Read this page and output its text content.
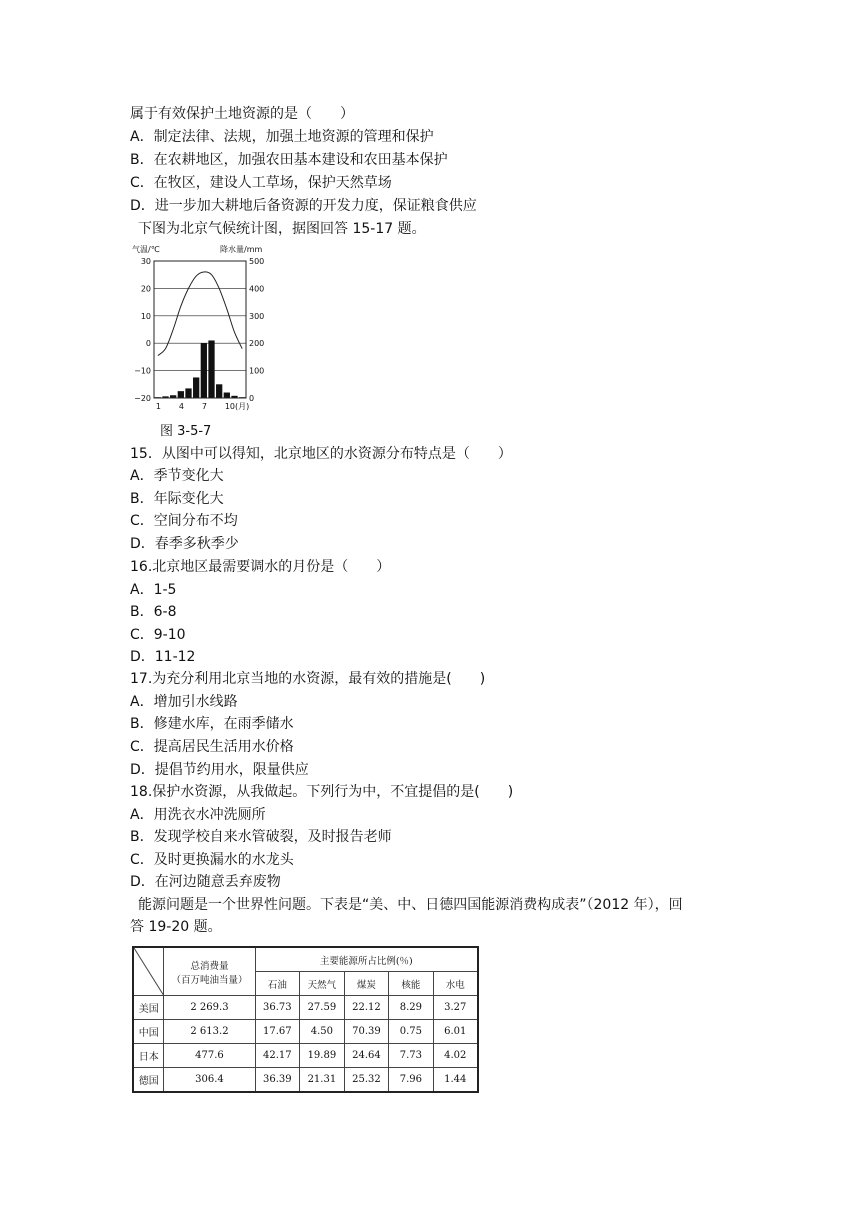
属于有效保护土地资源的是（　　）
A．制定法律、法规，加强土地资源的管理和保护
B．在农耕地区，加强农田基本建设和农田基本保护
C．在牧区，建设人工草场，保护天然草场
D．进一步加大耕地后备资源的开发力度，保证粮食供应
下图为北京气候统计图，据图回答 15-17 题。
气温/℃	降水量/mm
30
20
10
0
−10
−20
500
400
300
200
100
0
1 4 7 10(月)
图 3-5-7
15．从图中可以得知，北京地区的水资源分布特点是（　　）
A．季节变化大
B．年际变化大
C．空间分布不均
D．春季多秋季少
16.北京地区最需要调水的月份是（　　）
A．1-5
B．6-8
C．9-10
D．11-12
17.为充分利用北京当地的水资源，最有效的措施是(　　)
A．增加引水线路
B．修建水库，在雨季储水
C．提高居民生活用水价格
D．提倡节约用水，限量供应
18.保护水资源，从我做起。下列行为中，不宜提倡的是(　　)
A．用洗衣水冲洗厕所
B．发现学校自来水管破裂，及时报告老师
C．及时更换漏水的水龙头
D．在河边随意丢弃废物
能源问题是一个世界性问题。下表是“美、中、日德四国能源消费构成表”（2012 年），回
答 19-20 题。

总消费量
（百万吨油当量）	主要能源所占比例(％)				
		石油	天然气	煤炭	核能	水电
美国	2 269.3	36.73	27.59	22.12	8.29	3.27
中国	2 613.2	17.67	4.50	70.39	0.75	6.01
日本	477.6	42.17	19.89	24.64	7.73	4.02
德国	306.4	36.39	21.31	25.32	7.96	1.44
